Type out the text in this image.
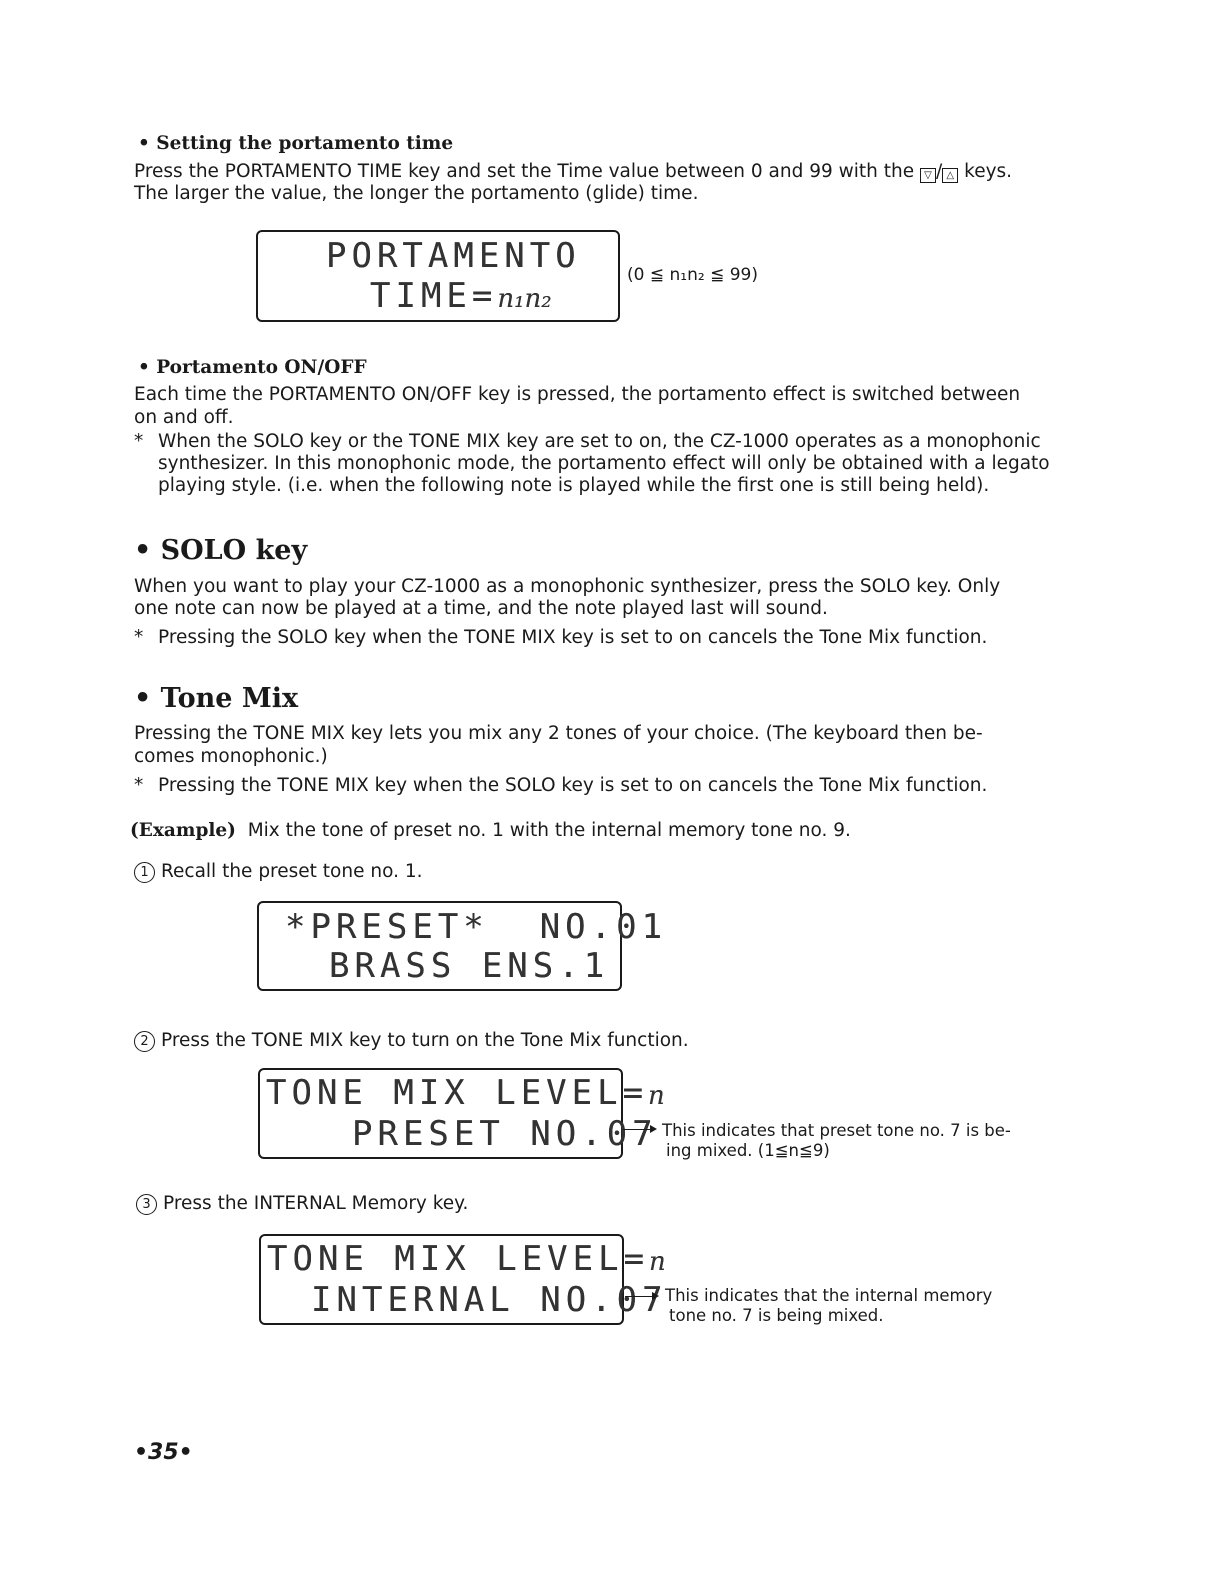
• Setting the portamento time
Press the PORTAMENTO TIME key and set the Time value between 0 and 99 with the ▽ / △ keys.
The larger the value, the longer the portamento (glide) time.
PORTAMENTO
TIME=n₁n₂
(0 ≦ n₁n₂ ≦ 99)
• Portamento ON/OFF
Each time the PORTAMENTO ON/OFF key is pressed, the portamento effect is switched between
on and off.
* When the SOLO key or the TONE MIX key are set to on, the CZ-1000 operates as a monophonic
synthesizer. In this monophonic mode, the portamento effect will only be obtained with a legato
playing style. (i.e. when the following note is played while the first one is still being held).
• SOLO key
When you want to play your CZ-1000 as a monophonic synthesizer, press the SOLO key. Only
one note can now be played at a time, and the note played last will sound.
* Pressing the SOLO key when the TONE MIX key is set to on cancels the Tone Mix function.
• Tone Mix
Pressing the TONE MIX key lets you mix any 2 tones of your choice. (The keyboard then be-
comes monophonic.)
* Pressing the TONE MIX key when the SOLO key is set to on cancels the Tone Mix function.
(Example) Mix the tone of preset no. 1 with the internal memory tone no. 9.
1 Recall the preset tone no. 1.
*PRESET*  NO.01
BRASS ENS.1
2 Press the TONE MIX key to turn on the Tone Mix function.
TONE MIX LEVEL=n
PRESET NO.07 This indicates that preset tone no. 7 is be-
ing mixed. (1≦n≦9)
3 Press the INTERNAL Memory key.
TONE MIX LEVEL=n
INTERNAL NO.07
This indicates that the internal memory
tone no. 7 is being mixed.
•35•
